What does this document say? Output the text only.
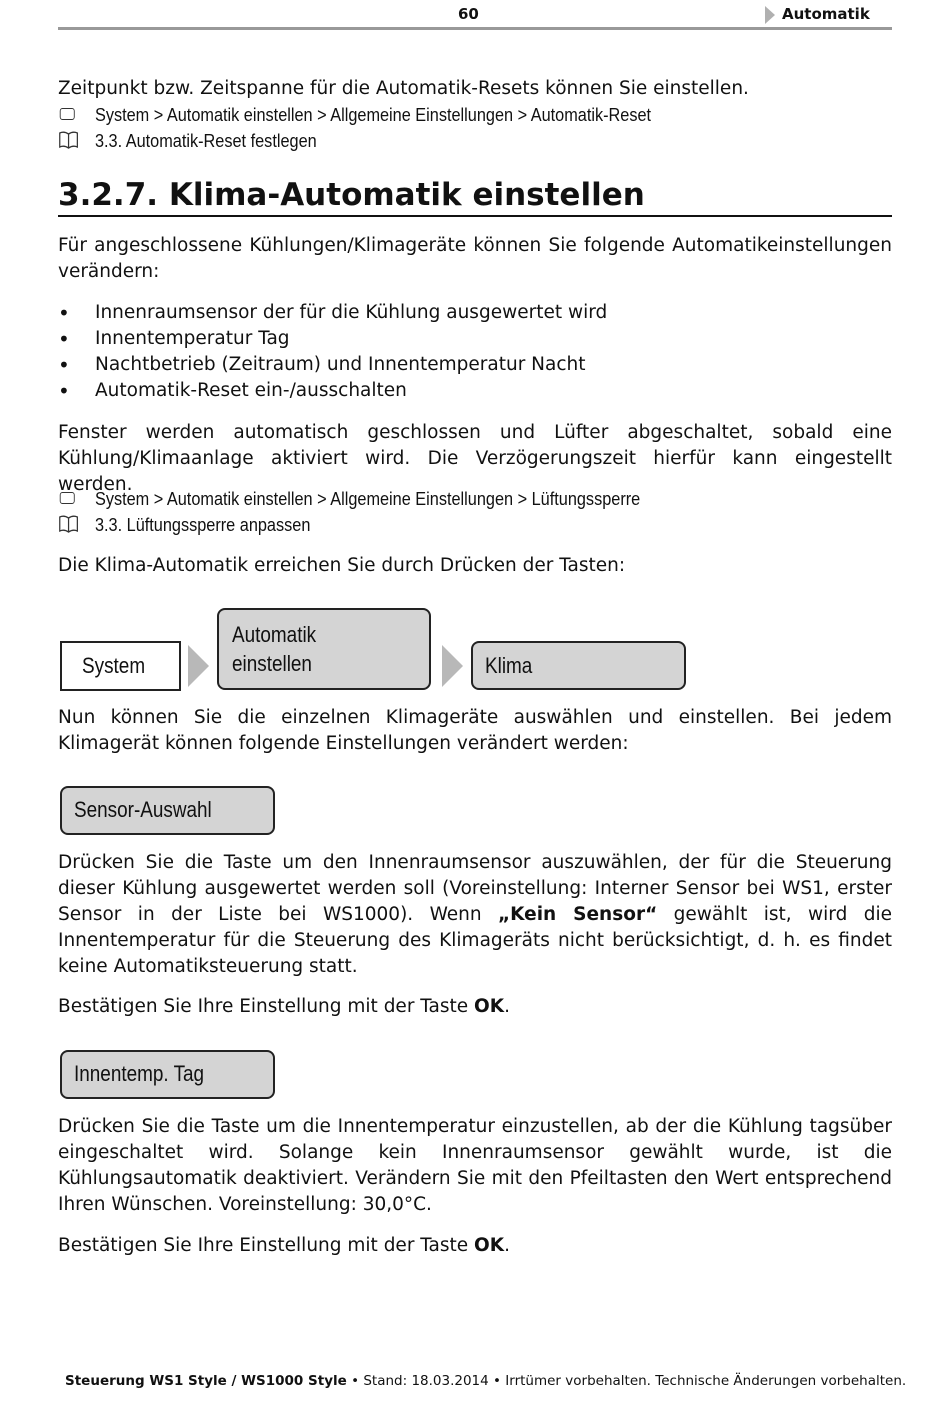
60	Automatik
Zeitpunkt bzw. Zeitspanne für die Automatik-Resets können Sie einstellen.
System > Automatik einstellen > Allgemeine Einstellungen > Automatik-Reset
3.3. Automatik-Reset festlegen
3.2.7. Klima-Automatik einstellen
Für angeschlossene Kühlungen/Klimageräte können Sie folgende Automatikeinstellungen verändern:
• Innenraumsensor der für die Kühlung ausgewertet wird
• Innentemperatur Tag
• Nachtbetrieb (Zeitraum) und Innentemperatur Nacht
• Automatik-Reset ein-/ausschalten
Fenster werden automatisch geschlossen und Lüfter abgeschaltet, sobald eine Kühlung/Klimaanlage aktiviert wird. Die Verzögerungszeit hierfür kann eingestellt werden.
System > Automatik einstellen > Allgemeine Einstellungen > Lüftungssperre
3.3. Lüftungssperre anpassen
Die Klima-Automatik erreichen Sie durch Drücken der Tasten:
System
Automatik
einstellen	Klima
Nun können Sie die einzelnen Klimageräte auswählen und einstellen. Bei jedem Klimagerät können folgende Einstellungen verändert werden:
Sensor-Auswahl
Drücken Sie die Taste um den Innenraumsensor auszuwählen, der für die Steuerung dieser Kühlung ausgewertet werden soll (Voreinstellung: Interner Sensor bei WS1, erster Sensor in der Liste bei WS1000). Wenn „Kein Sensor“ gewählt ist, wird die Innentemperatur für die Steuerung des Klimageräts nicht berücksichtigt, d. h. es findet keine Automatiksteuerung statt.
Bestätigen Sie Ihre Einstellung mit der Taste OK.
Innentemp. Tag
Drücken Sie die Taste um die Innentemperatur einzustellen, ab der die Kühlung tagsüber eingeschaltet wird. Solange kein Innenraumsensor gewählt wurde, ist die Kühlungsautomatik deaktiviert. Verändern Sie mit den Pfeiltasten den Wert entsprechend Ihren Wünschen. Voreinstellung: 30,0°C.
Bestätigen Sie Ihre Einstellung mit der Taste OK.
Steuerung WS1 Style / WS1000 Style • Stand: 18.03.2014 • Irrtümer vorbehalten. Technische Änderungen vorbehalten.
